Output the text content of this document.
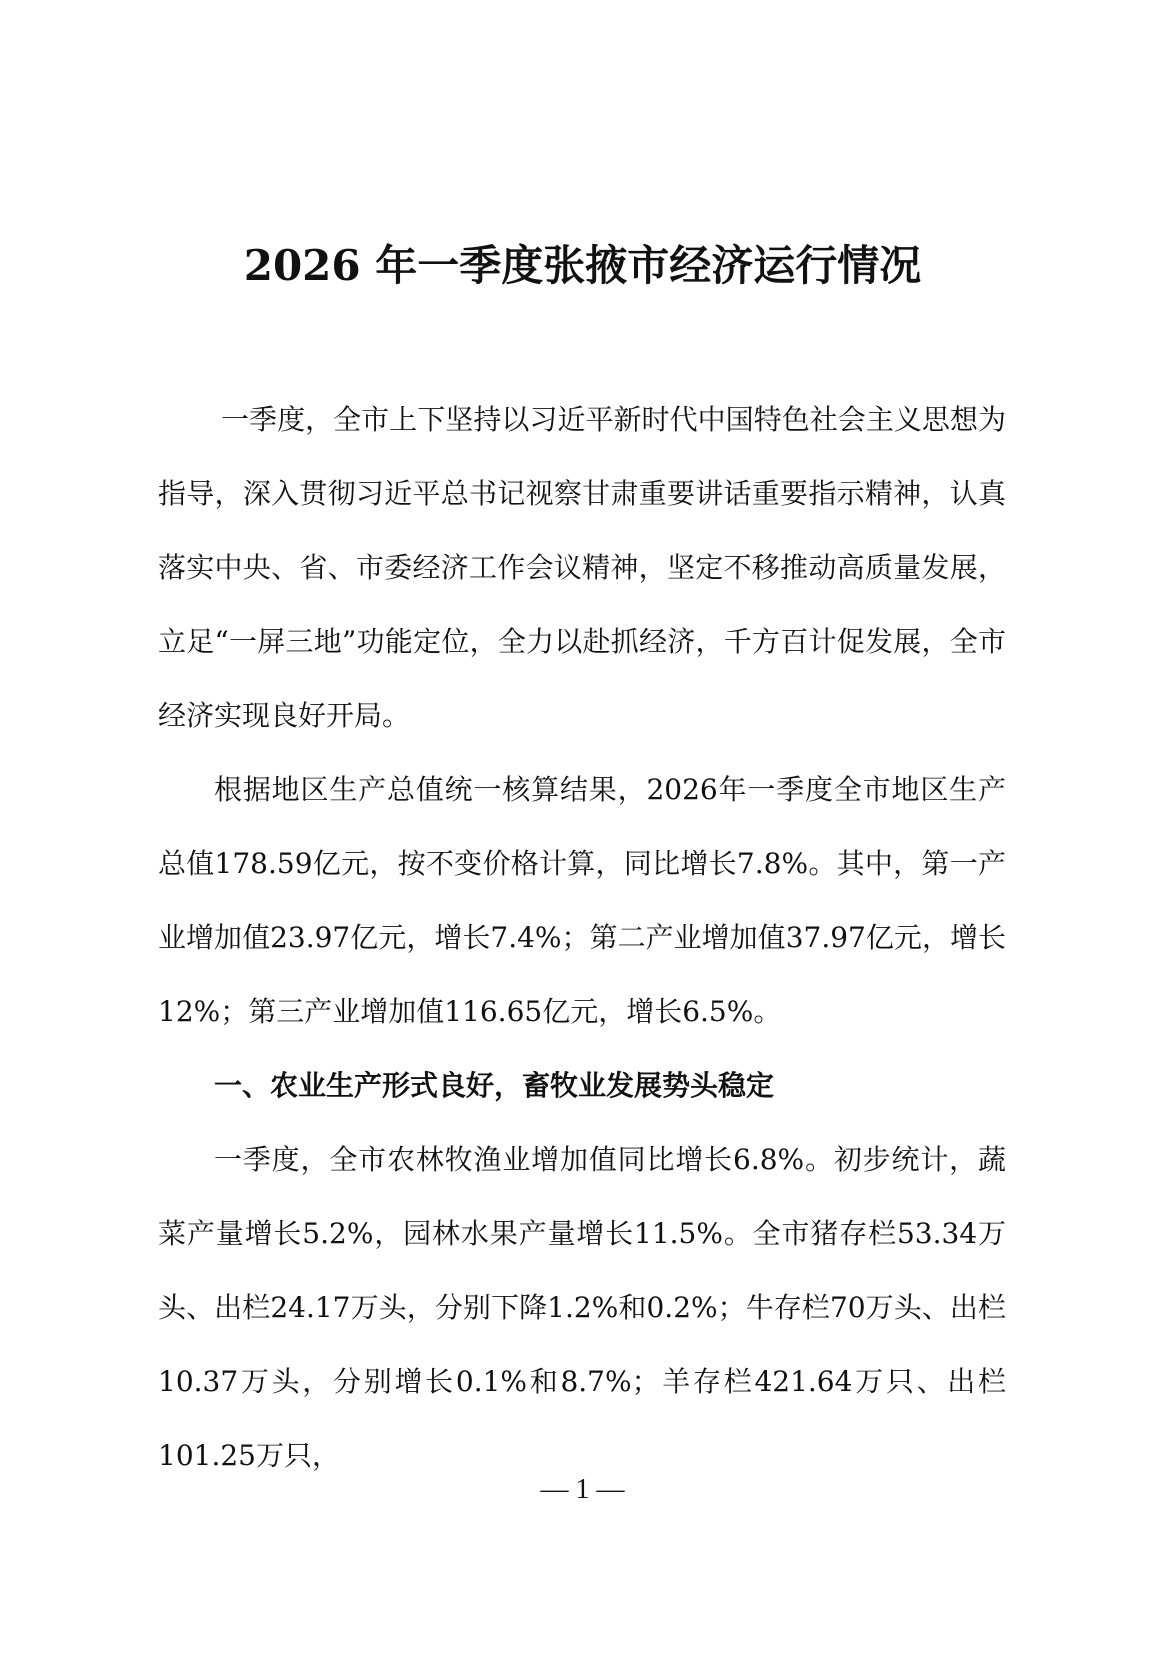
2026 年一季度张掖市经济运行情况

一季度，全市上下坚持以习近平新时代中国特色社会主义思想为指导，深入贯彻习近平总书记视察甘肃重要讲话重要指示精神，认真落实中央、省、市委经济工作会议精神，坚定不移推动高质量发展，立足“一屏三地”功能定位，全力以赴抓经济，千方百计促发展，全市经济实现良好开局。

根据地区生产总值统一核算结果，2026年一季度全市地区生产总值178.59亿元，按不变价格计算，同比增长7.8%。其中，第一产业增加值23.97亿元，增长7.4%；第二产业增加值37.97亿元，增长12%；第三产业增加值116.65亿元，增长6.5%。

一、农业生产形式良好，畜牧业发展势头稳定

一季度，全市农林牧渔业增加值同比增长6.8%。初步统计，蔬菜产量增长5.2%，园林水果产量增长11.5%。全市猪存栏53.34万头、出栏24.17万头，分别下降1.2%和0.2%；牛存栏70万头、出栏10.37万头，分别增长0.1%和8.7%；羊存栏421.64万只、出栏101.25万只，

— 1 —
